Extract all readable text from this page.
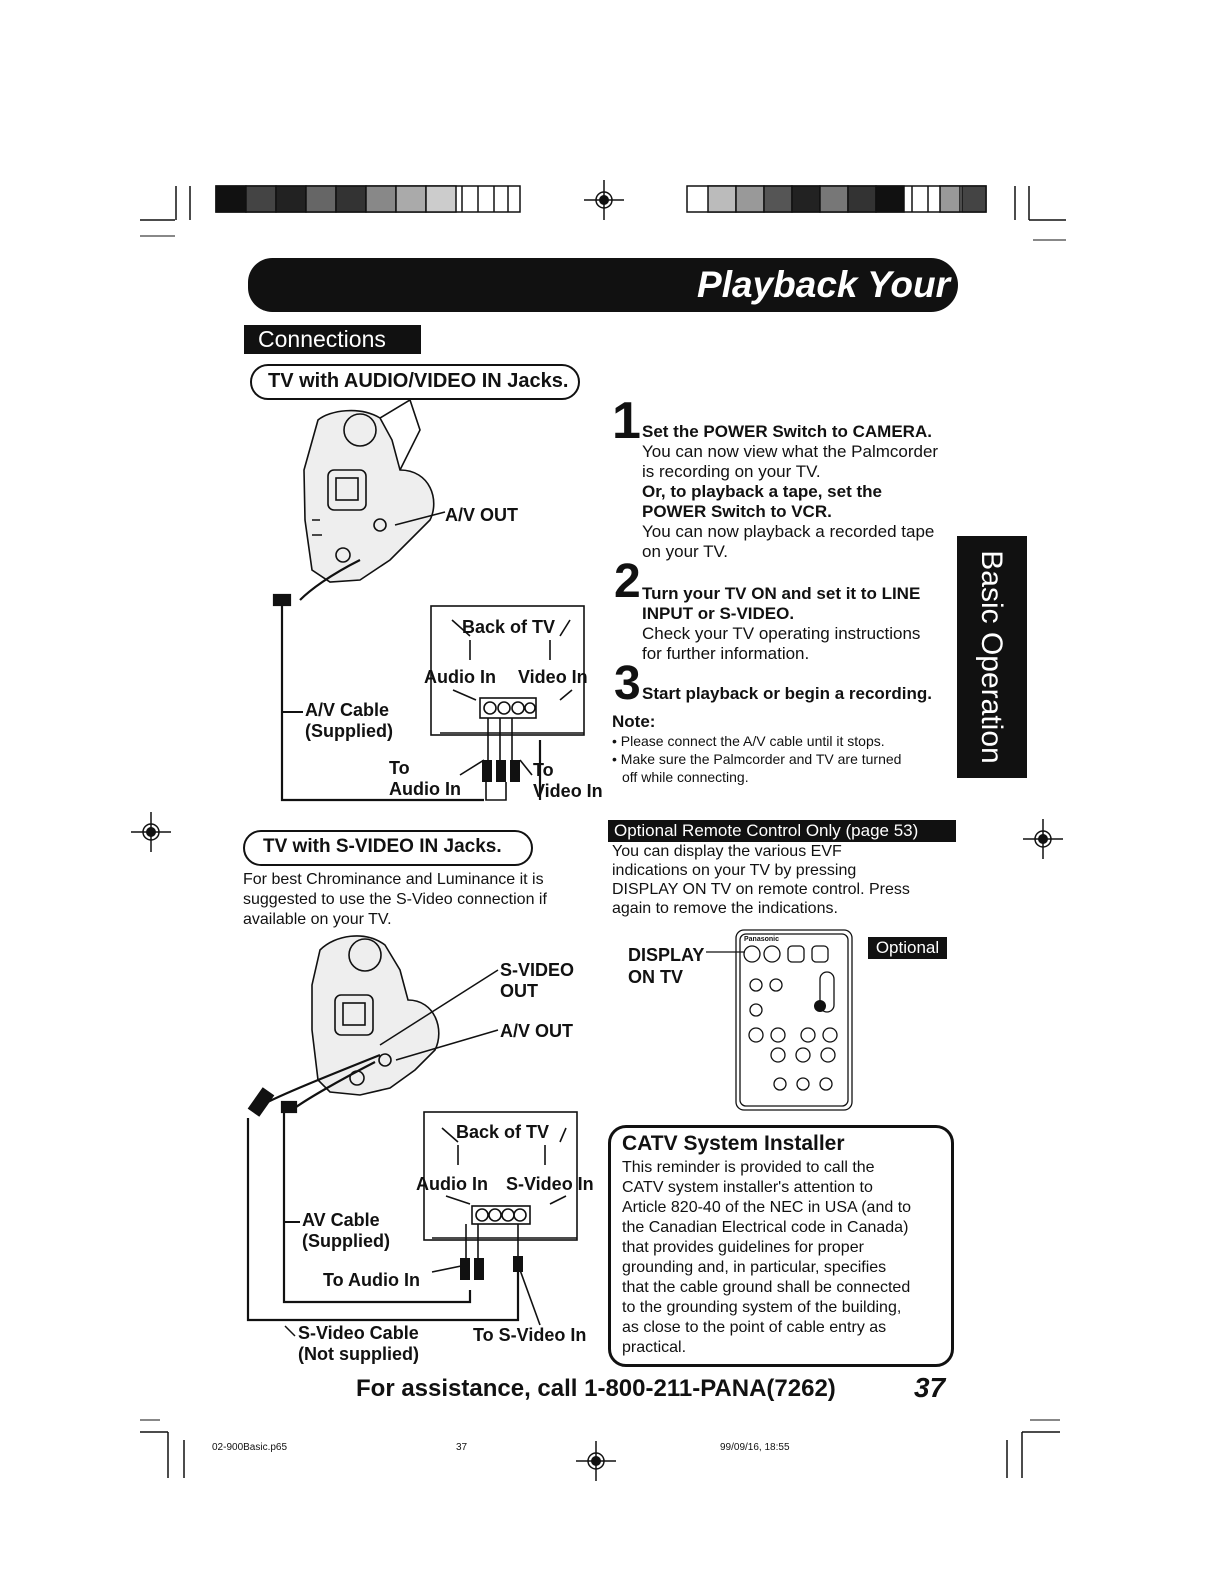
Playback Your Recordings
Basic Operation
Connections
TV with AUDIO/VIDEO IN Jacks.
A/V OUT
Back of TV
Audio In Video In
A/V Cable
(Supplied)
To
Audio In
To
Video In
1 Set the POWER Switch to CAMERA.
You can now view what the Palmcorder
is recording on your TV.
Or, to playback a tape, set the
POWER Switch to VCR.
You can now playback a recorded tape
on your TV.
2 Turn your TV ON and set it to LINE
INPUT or S-VIDEO.
Check your TV operating instructions
for further information.
3 Start playback or begin a recording.
Note:
• Please connect the A/V cable until it stops.
• Make sure the Palmcorder and TV are turned
off while connecting.
TV with S-VIDEO IN Jacks.
For best Chrominance and Luminance it is suggested to use the S-Video connection if available on your TV.
S-VIDEO
OUT
A/V OUT
Back of TV
Audio In S-Video In
AV Cable
(Supplied)
To Audio In
S-Video Cable
(Not supplied)
To S-Video In
Optional Remote Control Only (page 53)
You can display the various EVF
indications on your TV by pressing
DISPLAY ON TV on remote control. Press
again to remove the indications.
DISPLAY
ON TV
Optional
Panasonic
CATV System Installer
This reminder is provided to call the
CATV system installer's attention to
Article 820-40 of the NEC in USA (and to
the Canadian Electrical code in Canada)
that provides guidelines for proper
grounding and, in particular, specifies
that the cable ground shall be connected
to the grounding system of the building,
as close to the point of cable entry as
practical.
For assistance, call 1-800-211-PANA(7262)	37
02-900Basic.p65	37	99/09/16, 18:55
